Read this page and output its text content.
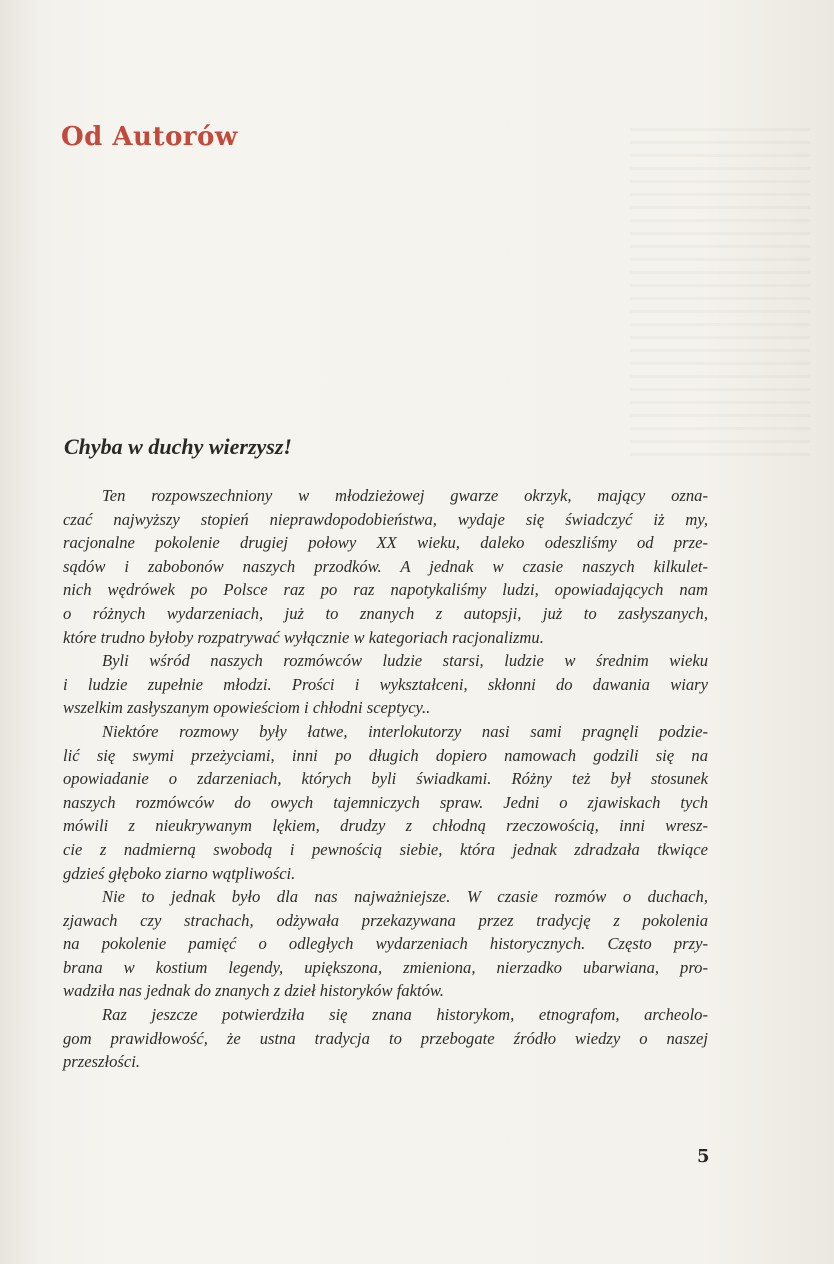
Od Autorów
Chyba w duchy wierzysz!
Ten rozpowszechniony w młodzieżowej gwarze okrzyk, mający ozna-
czać najwyższy stopień nieprawdopodobieństwa, wydaje się świadczyć iż my,
racjonalne pokolenie drugiej połowy XX wieku, daleko odeszliśmy od prze-
sądów i zabobonów naszych przodków. A jednak w czasie naszych kilkulet-
nich wędrówek po Polsce raz po raz napotykaliśmy ludzi, opowiadających nam
o różnych wydarzeniach, już to znanych z autopsji, już to zasłyszanych,
które trudno byłoby rozpatrywać wyłącznie w kategoriach racjonalizmu.
Byli wśród naszych rozmówców ludzie starsi, ludzie w średnim wieku
i ludzie zupełnie młodzi. Prości i wykształceni, skłonni do dawania wiary
wszelkim zasłyszanym opowieściom i chłodni sceptycy..
Niektóre rozmowy były łatwe, interlokutorzy nasi sami pragnęli podzie-
lić się swymi przeżyciami, inni po długich dopiero namowach godzili się na
opowiadanie o zdarzeniach, których byli świadkami. Różny też był stosunek
naszych rozmówców do owych tajemniczych spraw. Jedni o zjawiskach tych
mówili z nieukrywanym lękiem, drudzy z chłodną rzeczowością, inni wresz-
cie z nadmierną swobodą i pewnością siebie, która jednak zdradzała tkwiące
gdzieś głęboko ziarno wątpliwości.
Nie to jednak było dla nas najważniejsze. W czasie rozmów o duchach,
zjawach czy strachach, odżywała przekazywana przez tradycję z pokolenia
na pokolenie pamięć o odległych wydarzeniach historycznych. Często przy-
brana w kostium legendy, upiększona, zmieniona, nierzadko ubarwiana, pro-
wadziła nas jednak do znanych z dzieł historyków faktów.
Raz jeszcze potwierdziła się znana historykom, etnografom, archeolo-
gom prawidłowość, że ustna tradycja to przebogate źródło wiedzy o naszej
przeszłości.
5
